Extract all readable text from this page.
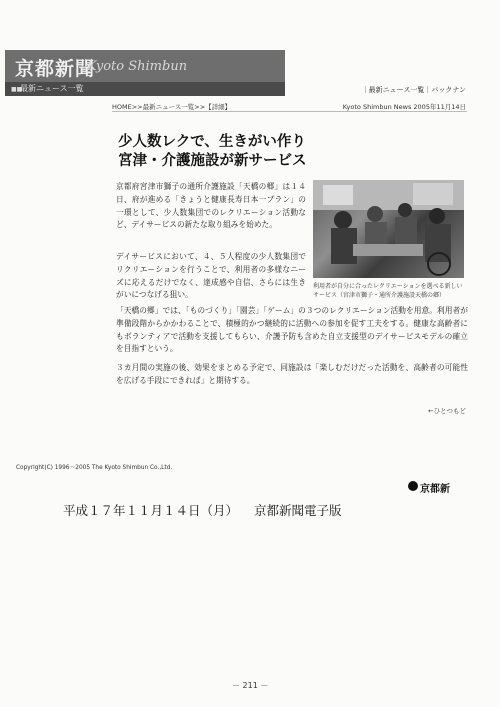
京都新聞
Kyoto Shimbun
■■
最新ニュース一覧	｜最新ニュース一覧｜バックナン
HOME>>最新ニュース一覧>>【詳細】	Kyoto Shimbun News 2005年11月14日
少人数レクで、生きがい作り
宮津・介護施設が新サービス

京都府宮津市獅子の通所介護施設「天橋の郷」は１４日、府が進める「きょうと健康長寿日本一プラン」の一環として、少人数集団でのレクリエーション活動など、デイサービスの新たな取り組みを始めた。

デイサービスにおいて、４、５人程度の少人数集団でリクリエーションを行うことで、利用者の多様なニーズに応えるだけでなく、達成感や自信、さらには生きがいにつなげる狙い。

利用者が自分に合ったレクリエーションを選べる新しいサービス（宮津市獅子・通所介護施設天橋の郷）

「天橋の郷」では、「ものづくり」「園芸」「ゲーム」の３つのレクリエーション活動を用意。利用者が準備段階からかかわることで、積極的かつ継続的に活動への参加を促す工夫をする。健康な高齢者にもボランティアで活動を支援してもらい、介護予防も含めた自立支援型のデイサービスモデルの確立を目指すという。

３カ月間の実施の後、効果をまとめる予定で、同施設は「楽しむだけだった活動を、高齢者の可能性を広げる手段にできれば」と期待する。

←ひとつもど
Copyright(C) 1996～2005 The Kyoto Shimbun Co.,Ltd.
京都新
平成１７年１１月１４日（月） 京都新聞電子版
－ 211 －
